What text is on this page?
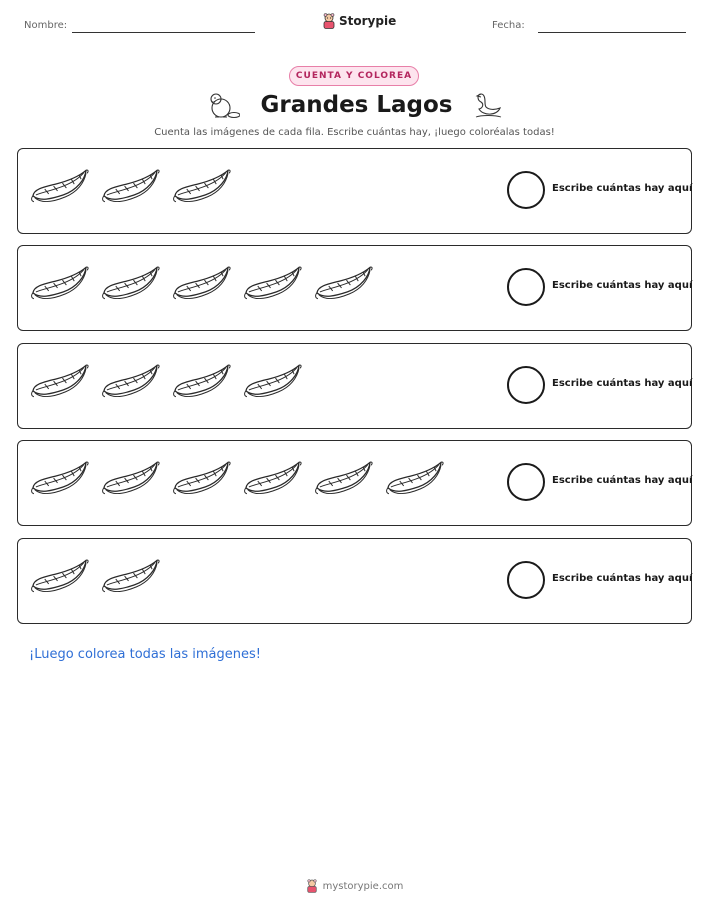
Nombre:	Storypie	Fecha:
CUENTA Y COLOREA
Grandes Lagos
Cuenta las imágenes de cada fila. Escribe cuántas hay, ¡luego coloréalas todas!
Escribe cuántas hay aquí
Escribe cuántas hay aquí
Escribe cuántas hay aquí
Escribe cuántas hay aquí
Escribe cuántas hay aquí
¡Luego colorea todas las imágenes!
mystorypie.com
